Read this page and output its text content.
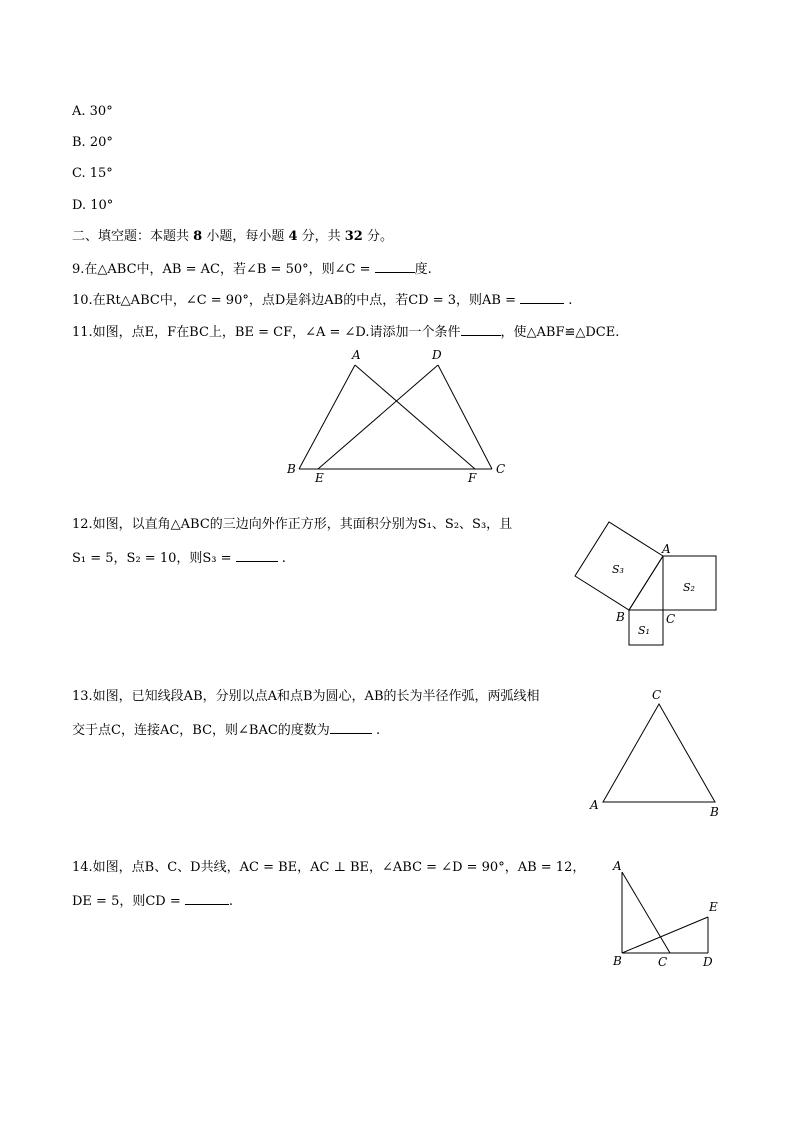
A. 30°
B. 20°
C. 15°
D. 10°
二、填空题：本题共 8 小题，每小题 4 分，共 32 分。
9.在△ABC中，AB = AC，若∠B = 50°，则∠C =	度.
10.在Rt△ABC中，∠C = 90°，点D是斜边AB的中点，若CD = 3，则AB =	.
11.如图，点E，F在BC上，BE = CF，∠A = ∠D.请添加一个条件	，使△ABF≌△DCE.
A	D
B
E	F
C
12.如图，以直角△ABC的三边向外作正方形，其面积分别为S₁、S₂、S₃，且
S₁ = 5，S₂ = 10，则S₃ =	.
A
B	C
S₃
S₂
S₁
13.如图，已知线段AB，分别以点A和点B为圆心，AB的长为半径作弧，两弧线相
交于点C，连接AC，BC，则∠BAC的度数为	.
C
A	B
14.如图，点B、C、D共线，AC = BE，AC ⊥ BE，∠ABC = ∠D = 90°，AB = 12，
DE = 5，则CD =	.
A
B	C	D
E
